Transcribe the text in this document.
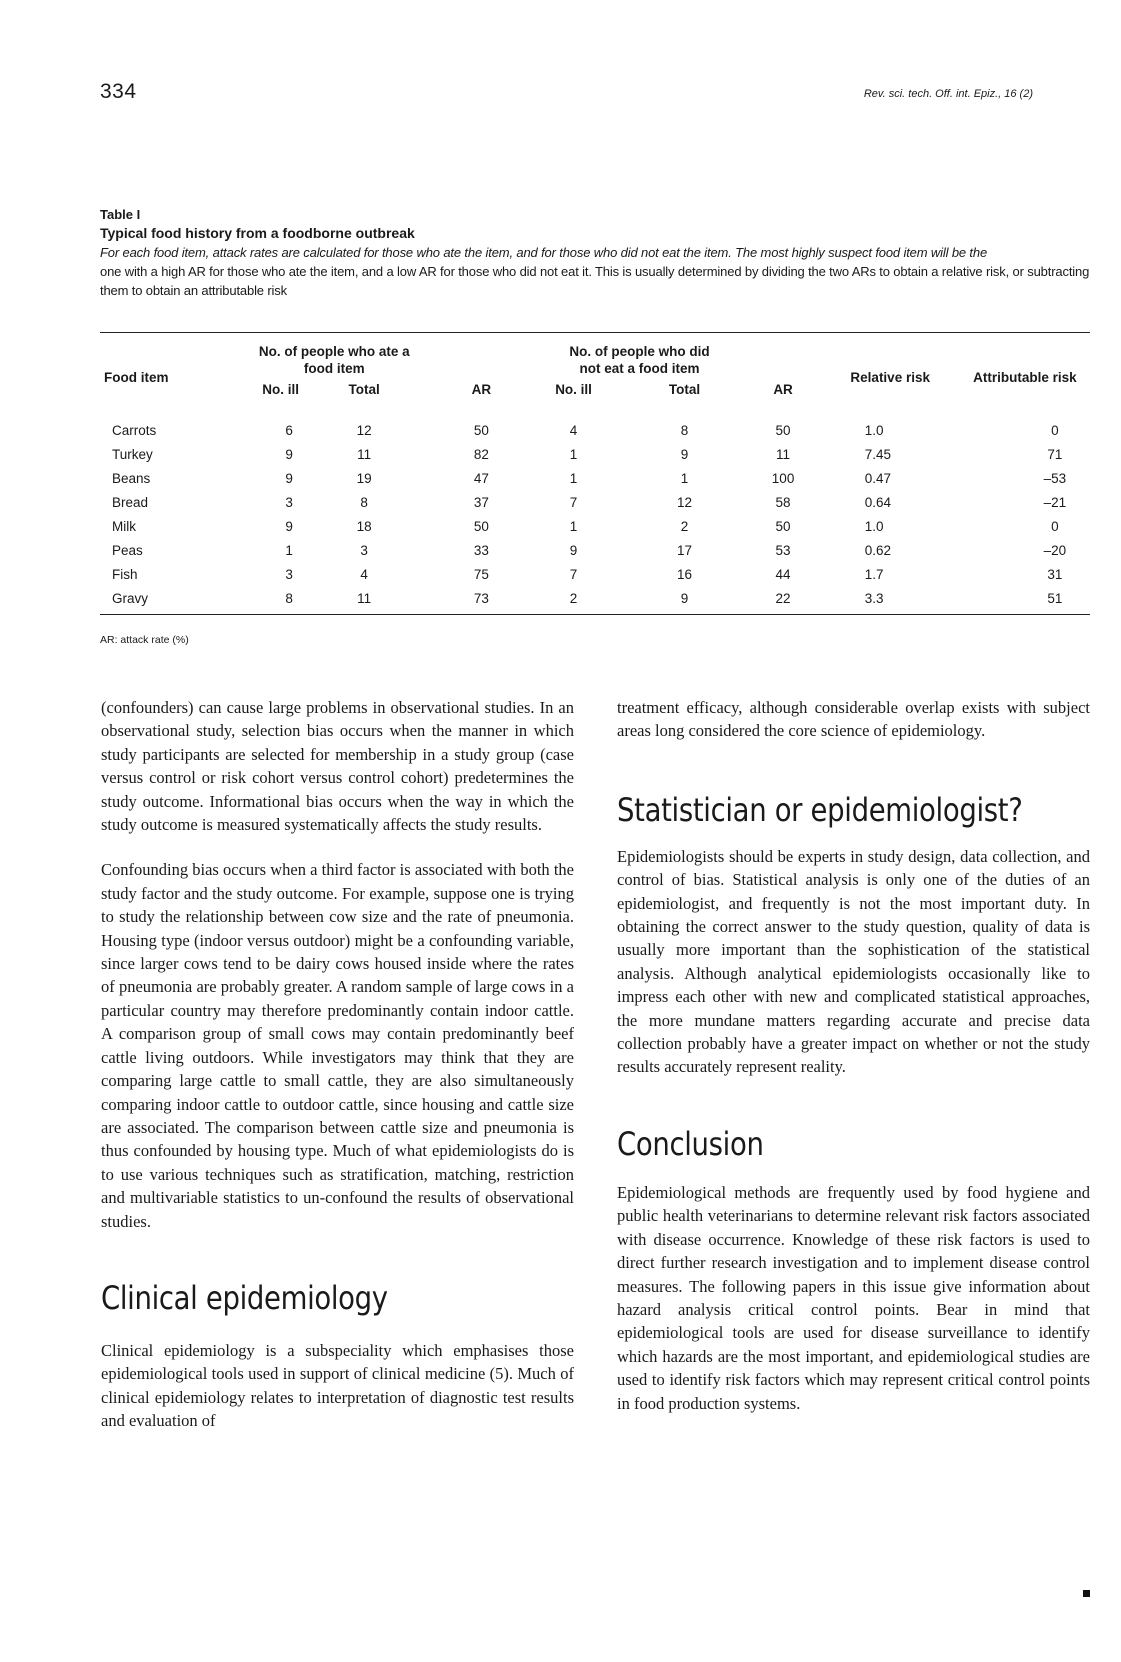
334	Rev. sci. tech. Off. int. Epiz., 16 (2)
Table I
Typical food history from a foodborne outbreak
For each food item, attack rates are calculated for those who ate the item, and for those who did not eat the item. The most highly suspect food item will be the
one with a high AR for those who ate the item, and a low AR for those who did not eat it. This is usually determined by dividing the two ARs to obtain a relative risk, or subtracting them to obtain an attributable risk
Food item	No. of people who ate a food item			No. of people who did not eat a food item			Relative risk	Attributable risk
	No. ill	Total	AR	No. ill	Total	AR		
Carrots	6	12	50	4	8	50	1.0	0
Turkey	9	11	82	1	9	11	7.45	71
Beans	9	19	47	1	1	100	0.47	–53
Bread	3	8	37	7	12	58	0.64	–21
Milk	9	18	50	1	2	50	1.0	0
Peas	1	3	33	9	17	53	0.62	–20
Fish	3	4	75	7	16	44	1.7	31
Gravy	8	11	73	2	9	22	3.3	51
AR: attack rate (%)

(confounders) can cause large problems in observational studies. In an observational study, selection bias occurs when the manner in which study participants are selected for membership in a study group (case versus control or risk cohort versus control cohort) predetermines the study outcome. Informational bias occurs when the way in which the study outcome is measured systematically affects the study results.

Confounding bias occurs when a third factor is associated with both the study factor and the study outcome. For example, suppose one is trying to study the relationship between cow size and the rate of pneumonia. Housing type (indoor versus outdoor) might be a confounding variable, since larger cows tend to be dairy cows housed inside where the rates of pneumonia are probably greater. A random sample of large cows in a particular country may therefore predominantly contain indoor cattle. A comparison group of small cows may contain predominantly beef cattle living outdoors. While investigators may think that they are comparing large cattle to small cattle, they are also simultaneously comparing indoor cattle to outdoor cattle, since housing and cattle size are associated. The comparison between cattle size and pneumonia is thus confounded by housing type. Much of what epidemiologists do is to use various techniques such as stratification, matching, restriction and multivariable statistics to un-confound the results of observational studies.

Clinical epidemiology

Clinical epidemiology is a subspeciality which emphasises those epidemiological tools used in support of clinical medicine (5). Much of clinical epidemiology relates to interpretation of diagnostic test results and evaluation of

treatment efficacy, although considerable overlap exists with subject areas long considered the core science of epidemiology.

Statistician or epidemiologist?

Epidemiologists should be experts in study design, data collection, and control of bias. Statistical analysis is only one of the duties of an epidemiologist, and frequently is not the most important duty. In obtaining the correct answer to the study question, quality of data is usually more important than the sophistication of the statistical analysis. Although analytical epidemiologists occasionally like to impress each other with new and complicated statistical approaches, the more mundane matters regarding accurate and precise data collection probably have a greater impact on whether or not the study results accurately represent reality.

Conclusion

Epidemiological methods are frequently used by food hygiene and public health veterinarians to determine relevant risk factors associated with disease occurrence. Knowledge of these risk factors is used to direct further research investigation and to implement disease control measures. The following papers in this issue give information about hazard analysis critical control points. Bear in mind that epidemiological tools are used for disease surveillance to identify which hazards are the most important, and epidemiological studies are used to identify risk factors which may represent critical control points in food production systems.
